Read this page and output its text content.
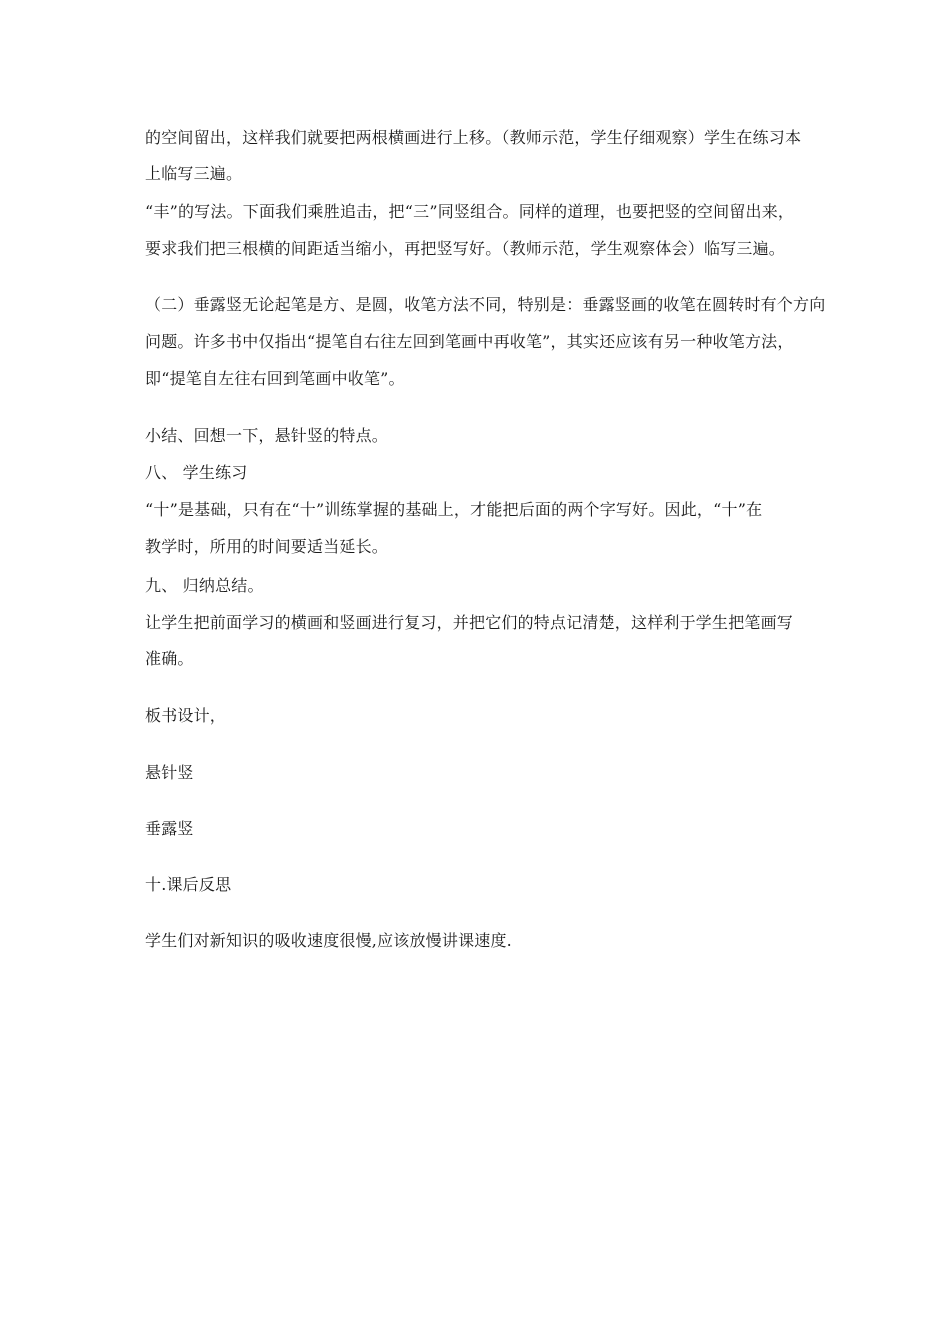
的空间留出，这样我们就要把两根横画进行上移。（教师示范，学生仔细观察）学生在练习本
上临写三遍。
“丰”的写法。下面我们乘胜追击，把“三”同竖组合。同样的道理，也要把竖的空间留出来，
要求我们把三根横的间距适当缩小，再把竖写好。（教师示范，学生观察体会）临写三遍。
（二）垂露竖无论起笔是方、是圆，收笔方法不同，特别是：垂露竖画的收笔在圆转时有个方向
问题。许多书中仅指出“提笔自右往左回到笔画中再收笔”，其实还应该有另一种收笔方法，
即“提笔自左往右回到笔画中收笔”。
小结、回想一下，悬针竖的特点。
八、 学生练习
“十”是基础，只有在“十”训练掌握的基础上，才能把后面的两个字写好。因此，“十”在
教学时，所用的时间要适当延长。
九、 归纳总结。
让学生把前面学习的横画和竖画进行复习，并把它们的特点记清楚，这样利于学生把笔画写
准确。
板书设计，
悬针竖
垂露竖
十.课后反思
学生们对新知识的吸收速度很慢,应该放慢讲课速度.
